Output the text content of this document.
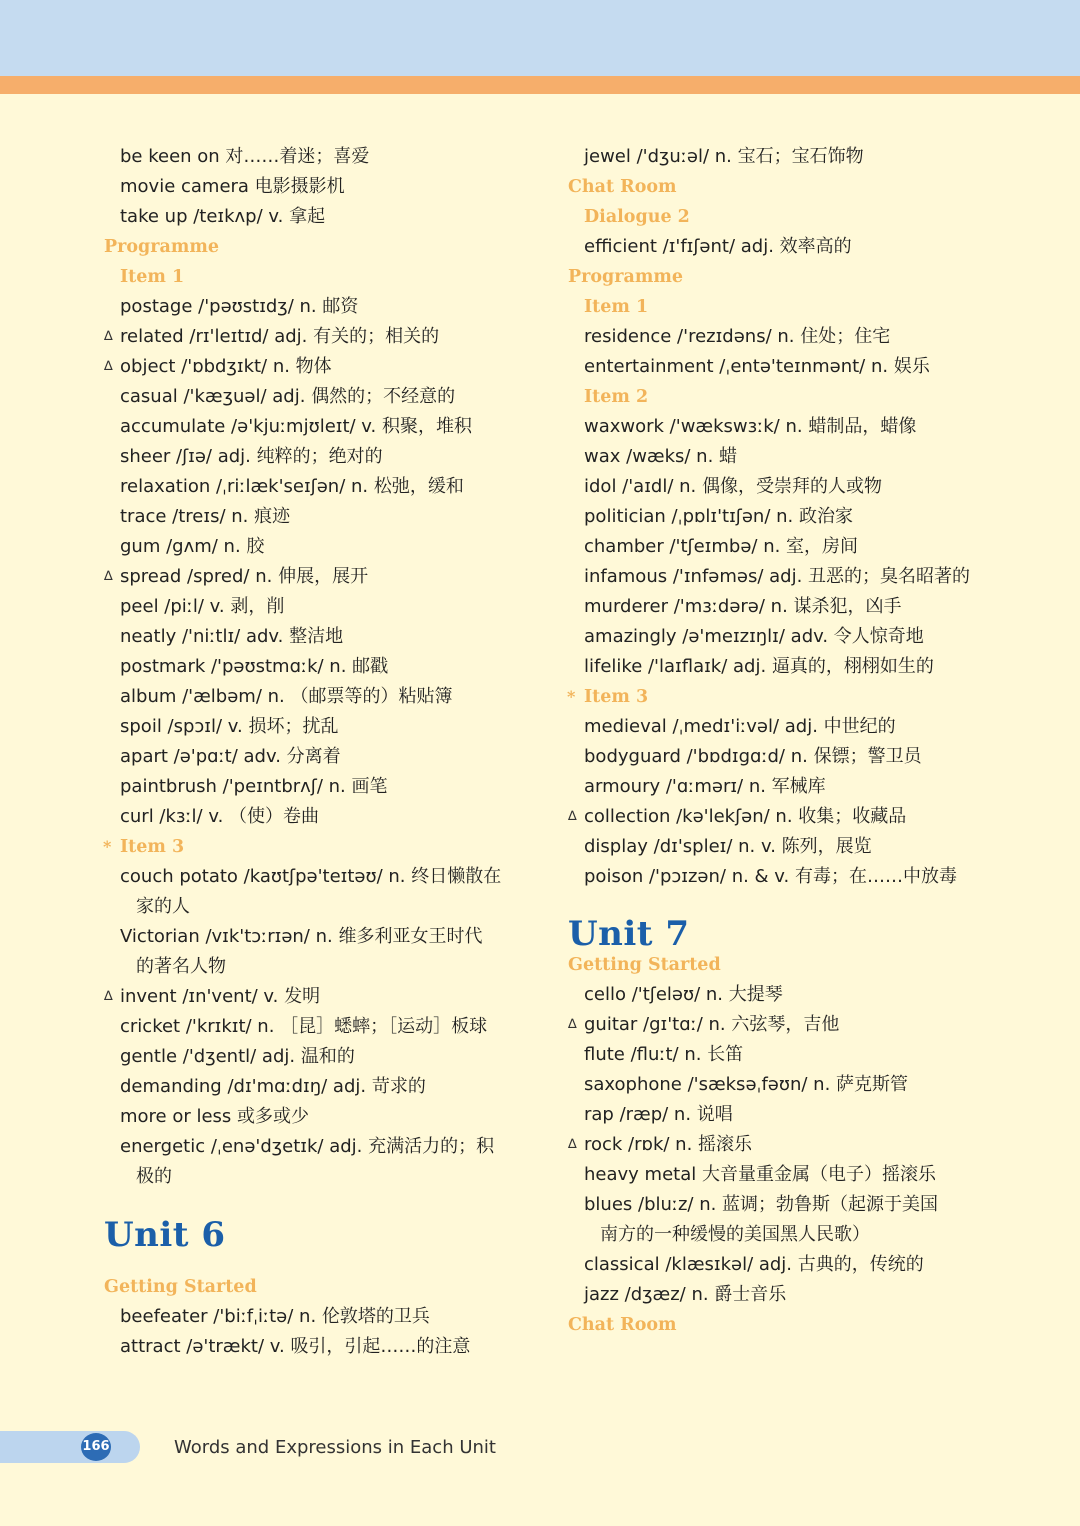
be keen on 对……着迷；喜爱
movie camera 电影摄影机
take up /teɪkʌp/ v. 拿起
Programme
Item 1
postage /'pəʊstɪdʒ/ n. 邮资
∆ related /rɪ'leɪtɪd/ adj. 有关的；相关的
∆ object /'ɒbdʒɪkt/ n. 物体
casual /'kæʒuəl/ adj. 偶然的；不经意的
accumulate /ə'kjuːmjʊleɪt/ v. 积聚，堆积
sheer /ʃɪə/ adj. 纯粹的；绝对的
relaxation /ˌriːlæk'seɪʃən/ n. 松弛，缓和
trace /treɪs/ n. 痕迹
gum /gʌm/ n. 胶
∆ spread /spred/ n. 伸展，展开
peel /piːl/ v. 剥，削
neatly /'niːtlɪ/ adv. 整洁地
postmark /'pəʊstmɑːk/ n. 邮戳
album /'ælbəm/ n. （邮票等的）粘贴簿
spoil /spɔɪl/ v. 损坏；扰乱
apart /ə'pɑːt/ adv. 分离着
paintbrush /'peɪntbrʌʃ/ n. 画笔
curl /kɜːl/ v. （使）卷曲
* Item 3
couch potato /kaʊtʃpə'teɪtəʊ/ n. 终日懒散在
家的人
Victorian /vɪk'tɔːrɪən/ n. 维多利亚女王时代
的著名人物
∆ invent /ɪn'vent/ v. 发明
cricket /'krɪkɪt/ n. ［昆］蟋蟀；［运动］板球
gentle /'dʒentl/ adj. 温和的
demanding /dɪ'mɑːdɪŋ/ adj. 苛求的
more or less 或多或少
energetic /ˌenə'dʒetɪk/ adj. 充满活力的；积
极的
Unit 6
Getting Started
beefeater /'biːfˌiːtə/ n. 伦敦塔的卫兵
attract /ə'trækt/ v. 吸引，引起……的注意
jewel /'dʒuːəl/ n. 宝石；宝石饰物
Chat Room
Dialogue 2
efficient /ɪ'fɪʃənt/ adj. 效率高的
Programme
Item 1
residence /'rezɪdəns/ n. 住处；住宅
entertainment /ˌentə'teɪnmənt/ n. 娱乐
Item 2
waxwork /'wækswɜːk/ n. 蜡制品，蜡像
wax /wæks/ n. 蜡
idol /'aɪdl/ n. 偶像，受崇拜的人或物
politician /ˌpɒlɪ'tɪʃən/ n. 政治家
chamber /'tʃeɪmbə/ n. 室，房间
infamous /'ɪnfəməs/ adj. 丑恶的；臭名昭著的
murderer /'mɜːdərə/ n. 谋杀犯，凶手
amazingly /ə'meɪzɪŋlɪ/ adv. 令人惊奇地
lifelike /'laɪflaɪk/ adj. 逼真的，栩栩如生的
* Item 3
medieval /ˌmedɪ'iːvəl/ adj. 中世纪的
bodyguard /'bɒdɪgɑːd/ n. 保镖；警卫员
armoury /'ɑːmərɪ/ n. 军械库
∆ collection /kə'lekʃən/ n. 收集；收藏品
display /dɪ'spleɪ/ n. v. 陈列，展览
poison /'pɔɪzən/ n. & v. 有毒；在……中放毒
Unit 7
Getting Started
cello /'tʃeləʊ/ n. 大提琴
∆ guitar /gɪ'tɑː/ n. 六弦琴，吉他
flute /fluːt/ n. 长笛
saxophone /'sæksəˌfəʊn/ n. 萨克斯管
rap /ræp/ n. 说唱
∆ rock /rɒk/ n. 摇滚乐
heavy metal 大音量重金属（电子）摇滚乐
blues /bluːz/ n. 蓝调；勃鲁斯（起源于美国
南方的一种缓慢的美国黑人民歌）
classical /klæsɪkəl/ adj. 古典的，传统的
jazz /dʒæz/ n. 爵士音乐
Chat Room
166	Words and Expressions in Each Unit
